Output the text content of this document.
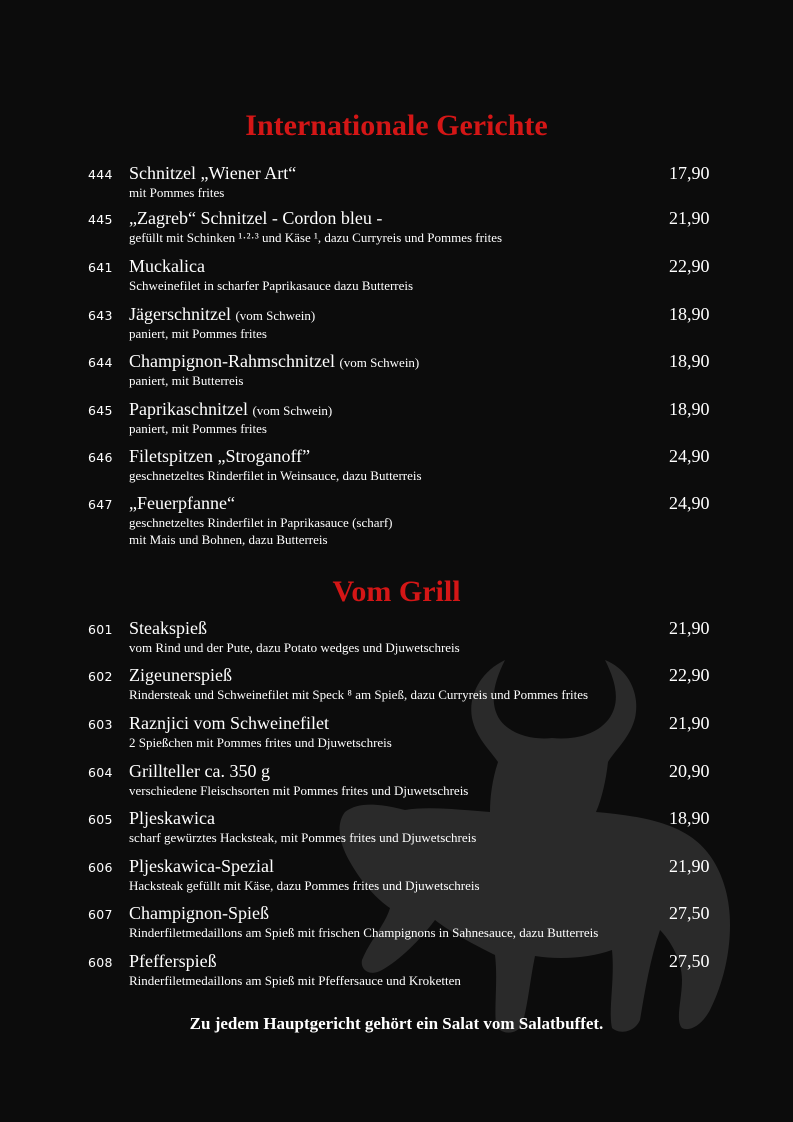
Internationale Gerichte
444 Schnitzel „Wiener Art“	17,90
mit Pommes frites
445 „Zagreb“ Schnitzel - Cordon bleu -	21,90
gefüllt mit Schinken ¹·²·³ und Käse ¹, dazu Curryreis und Pommes frites
641 Muckalica	22,90
Schweinefilet in scharfer Paprikasauce dazu Butterreis
643 Jägerschnitzel (vom Schwein)	18,90
paniert, mit Pommes frites
644 Champignon-Rahmschnitzel (vom Schwein)	18,90
paniert, mit Butterreis
645 Paprikaschnitzel (vom Schwein)	18,90
paniert, mit Pommes frites
646 Filetspitzen „Stroganoff”	24,90
geschnetzeltes Rinderfilet in Weinsauce, dazu Butterreis
647 „Feuerpfanne“	24,90
geschnetzeltes Rinderfilet in Paprikasauce (scharf)
mit Mais und Bohnen, dazu Butterreis
Vom Grill
601 Steakspieß	21,90
vom Rind und der Pute, dazu Potato wedges und Djuwetschreis
602 Zigeunerspieß	22,90
Rindersteak und Schweinefilet mit Speck ⁸ am Spieß, dazu Curryreis und Pommes frites
603 Raznjici vom Schweinefilet	21,90
2 Spießchen mit Pommes frites und Djuwetschreis
604 Grillteller ca. 350 g	20,90
verschiedene Fleischsorten mit Pommes frites und Djuwetschreis
605 Pljeskawica	18,90
scharf gewürztes Hacksteak, mit Pommes frites und Djuwetschreis
606 Pljeskawica-Spezial	21,90
Hacksteak gefüllt mit Käse, dazu Pommes frites und Djuwetschreis
607 Champignon-Spieß	27,50
Rinderfiletmedaillons am Spieß mit frischen Champignons in Sahnesauce, dazu Butterreis
608 Pfefferspieß	27,50
Rinderfiletmedaillons am Spieß mit Pfeffersauce und Kroketten
Zu jedem Hauptgericht gehört ein Salat vom Salatbuffet.
